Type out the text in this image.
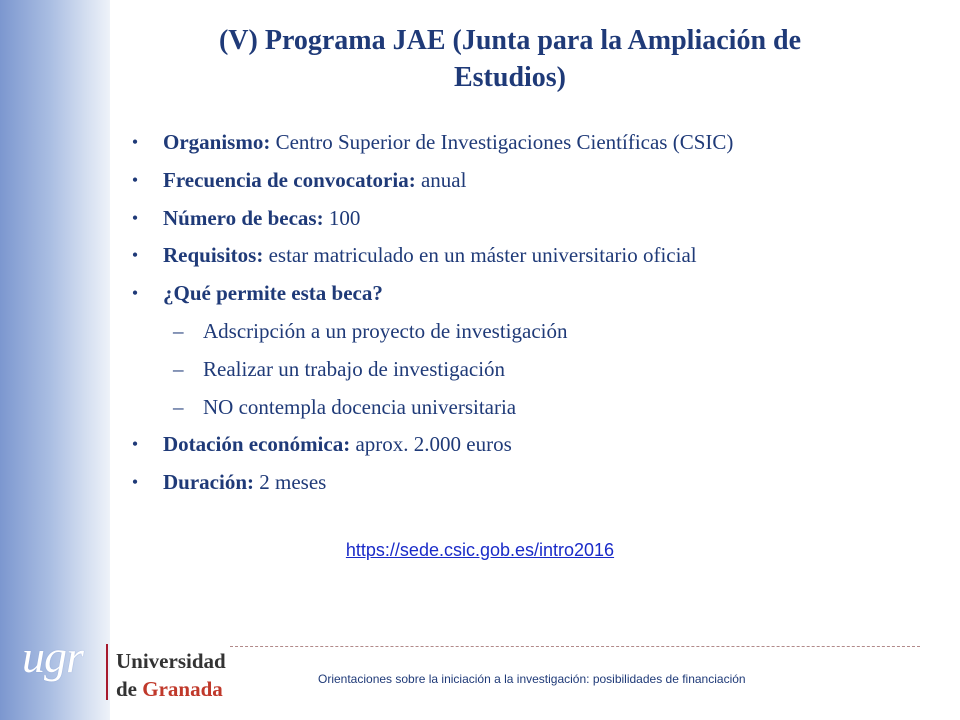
(V) Programa JAE (Junta para la Ampliación de Estudios)
• Organismo: Centro Superior de Investigaciones Científicas (CSIC)
• Frecuencia de convocatoria: anual
• Número de becas: 100
• Requisitos: estar matriculado en un máster universitario oficial
• ¿Qué permite esta beca?
– Adscripción a un proyecto de investigación
– Realizar un trabajo de investigación
– NO contempla docencia universitaria
• Dotación económica: aprox. 2.000 euros
• Duración: 2 meses
https://sede.csic.gob.es/intro2016
ugr Universidad
de Granada	Orientaciones sobre la iniciación a la investigación: posibilidades de financiación
